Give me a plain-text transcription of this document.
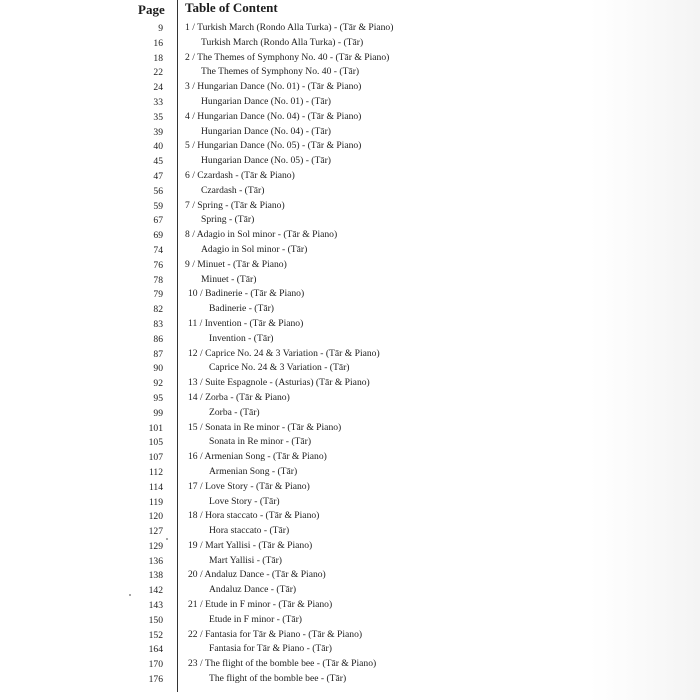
Page Table of Content
9 1 / Turkish March (Rondo Alla Turka) - (Tār & Piano)
16	Turkish March (Rondo Alla Turka) - (Tār)
18 2 / The Themes of Symphony No. 40 - (Tār & Piano)
22	The Themes of Symphony No. 40 - (Tār)
24 3 / Hungarian Dance (No. 01) - (Tār & Piano)
33	Hungarian Dance (No. 01) - (Tār)
35 4 / Hungarian Dance (No. 04) - (Tār & Piano)
39	Hungarian Dance (No. 04) - (Tār)
40 5 / Hungarian Dance (No. 05) - (Tār & Piano)
45	Hungarian Dance (No. 05) - (Tār)
47 6 / Czardash - (Tār & Piano)
56	Czardash - (Tār)
59 7 / Spring - (Tār & Piano)
67	Spring - (Tār)
69 8 / Adagio in Sol minor - (Tār & Piano)
74	Adagio in Sol minor - (Tār)
76 9 / Minuet - (Tār & Piano)
78	Minuet - (Tār)
79	10 / Badinerie - (Tār & Piano)
82	Badinerie - (Tār)
83	11 / Invention - (Tār & Piano)
86	Invention - (Tār)
87	12 / Caprice No. 24 & 3 Variation - (Tār & Piano)
90	Caprice No. 24 & 3 Variation - (Tār)
92	13 / Suite Espagnole - (Asturias) (Tār & Piano)
95	14 / Zorba - (Tār & Piano)
99	Zorba - (Tār)
101	15 / Sonata in Re minor - (Tār & Piano)
105	Sonata in Re minor - (Tār)
107	16 / Armenian Song - (Tār & Piano)
112	Armenian Song - (Tār)
114	17 / Love Story - (Tār & Piano)
119	Love Story - (Tār)
120	18 / Hora staccato - (Tār & Piano)
127	Hora staccato - (Tār)
129	19 / Mart Yallisi - (Tār & Piano)
136	Mart Yallisi - (Tār)
138	20 / Andaluz Dance - (Tār & Piano)
142	Andaluz Dance - (Tār)
143	21 / Etude in F minor - (Tār & Piano)
150	Etude in F minor - (Tār)
152	22 / Fantasia for Tār & Piano - (Tār & Piano)
164	Fantasia for Tār & Piano - (Tār)
170	23 / The flight of the bomble bee - (Tār & Piano)
176	The flight of the bomble bee - (Tār)
